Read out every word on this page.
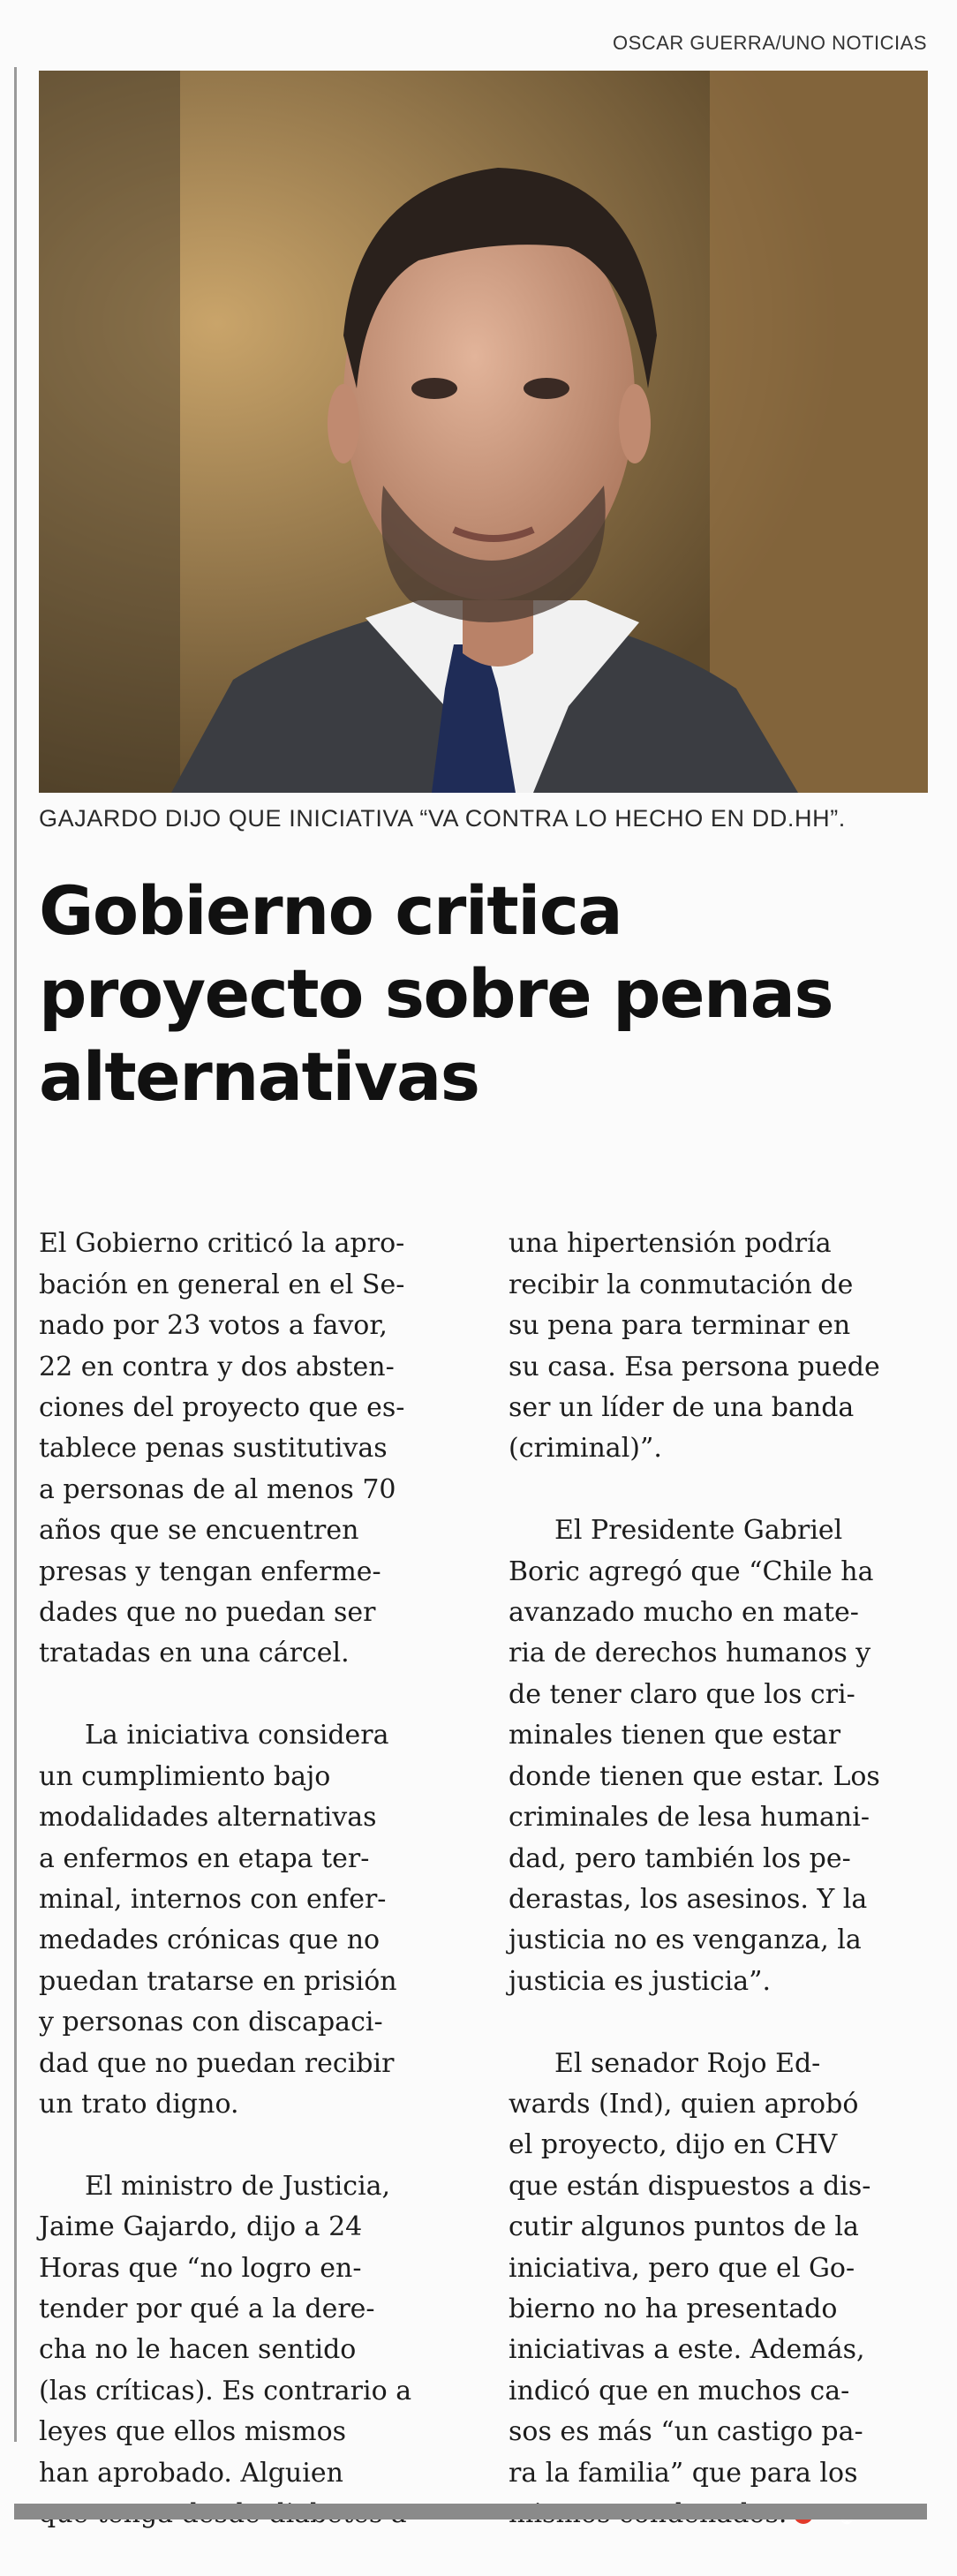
OSCAR GUERRA/UNO NOTICIAS
GAJARDO DIJO QUE INICIATIVA “VA CONTRA LO HECHO EN DD.HH”.
Gobierno critica proyecto sobre penas alternativas

El Gobierno criticó la apro-
bación en general en el Se-
nado por 23 votos a favor,
22 en contra y dos absten-
ciones del proyecto que es-
tablece penas sustitutivas
a personas de al menos 70
años que se encuentren
presas y tengan enferme-
dades que no puedan ser
tratadas en una cárcel.

La iniciativa considera
un cumplimiento bajo
modalidades alternativas
a enfermos en etapa ter-
minal, internos con enfer-
medades crónicas que no
puedan tratarse en prisión
y personas con discapaci-
dad que no puedan recibir
un trato digno.

El ministro de Justicia,
Jaime Gajardo, dijo a 24
Horas que “no logro en-
tender por qué a la dere-
cha no le hacen sentido
(las críticas). Es contrario a
leyes que ellos mismos
han aprobado. Alguien

una hipertensión podría
recibir la conmutación de
su pena para terminar en
su casa. Esa persona puede
ser un líder de una banda
(criminal)”.

El Presidente Gabriel
Boric agregó que “Chile ha
avanzado mucho en mate-
ria de derechos humanos y
de tener claro que los cri-
minales tienen que estar
donde tienen que estar. Los
criminales de lesa humani-
dad, pero también los pe-
derastas, los asesinos. Y la
justicia no es venganza, la
justicia es justicia”.

El senador Rojo Ed-
wards (Ind), quien aprobó
el proyecto, dijo en CHV
que están dispuestos a dis-
cutir algunos puntos de la
iniciativa, pero que el Go-
bierno no ha presentado
iniciativas a este. Además,
indicó que en muchos ca-
sos es más “un castigo pa-
ra la familia” que para los
✪
